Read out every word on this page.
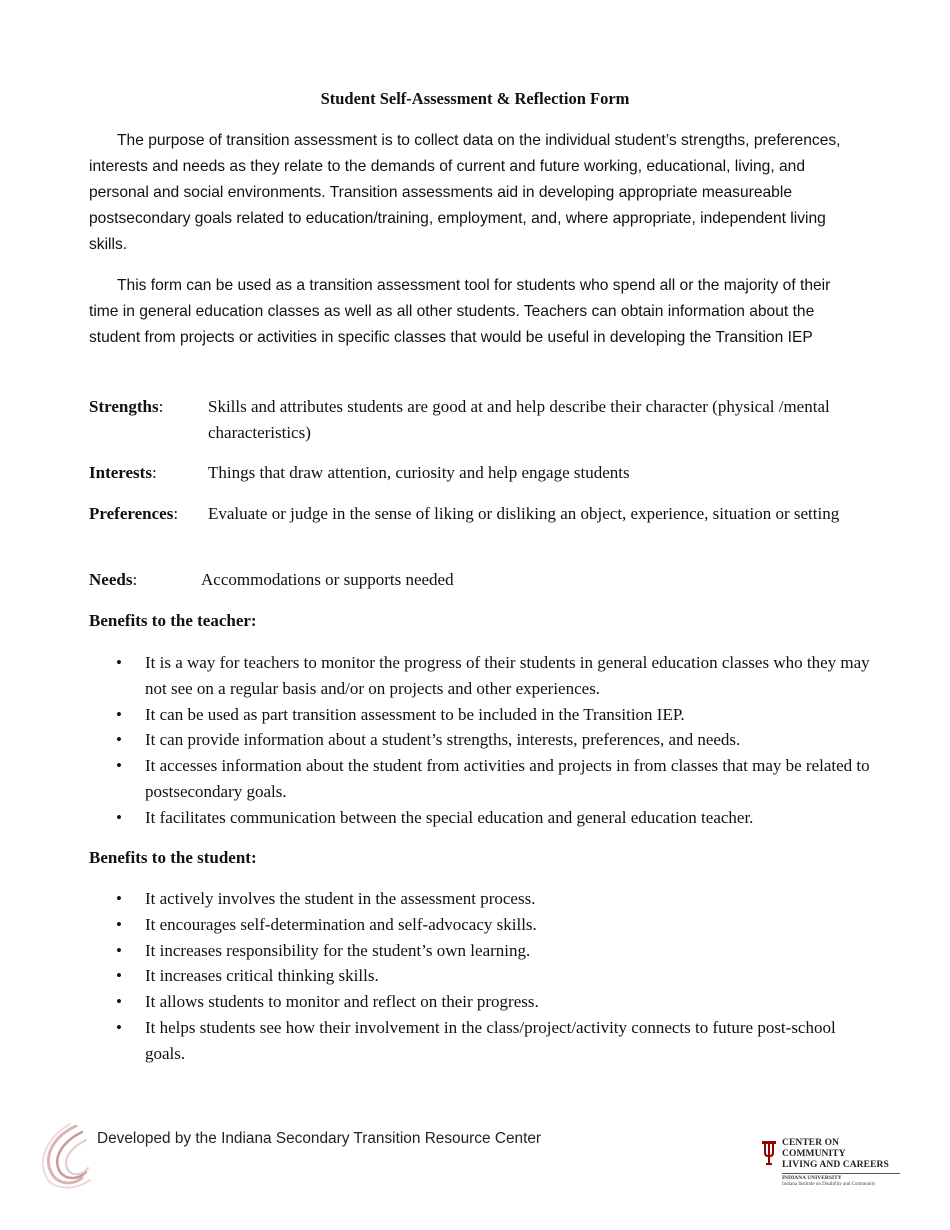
Student Self-Assessment & Reflection Form

The purpose of transition assessment is to collect data on the individual student’s strengths, preferences, interests and needs as they relate to the demands of current and future working, educational, living, and personal and social environments. Transition assessments aid in developing appropriate measureable postsecondary goals related to education/training, employment, and, where appropriate, independent living skills.

This form can be used as a transition assessment tool for students who spend all or the majority of their time in general education classes as well as all other students. Teachers can obtain information about the student from projects or activities in specific classes that would be useful in developing the Transition IEP

Strengths:	Skills and attributes students are good at and help describe their character (physical /mental characteristics)
Interests:	Things that draw attention, curiosity and help engage students
Preferences: Evaluate or judge in the sense of liking or disliking an object, experience, situation or setting
Needs:	Accommodations or supports needed
Benefits to the teacher:
• It is a way for teachers to monitor the progress of their students in general education classes who they may not see on a regular basis and/or on projects and other experiences.
• It can be used as part transition assessment to be included in the Transition IEP.
• It can provide information about a student’s strengths, interests, preferences, and needs.
• It accesses information about the student from activities and projects in from classes that may be related to postsecondary goals.
• It facilitates communication between the special education and general education teacher.
Benefits to the student:
• It actively involves the student in the assessment process.
• It encourages self-determination and self-advocacy skills.
• It increases responsibility for the student’s own learning.
• It increases critical thinking skills.
• It allows students to monitor and reflect on their progress.
• It helps students see how their involvement in the class/project/activity connects to future post-school goals.
Developed by the Indiana Secondary Transition Resource Center	CENTER ON COMMUNITY
LIVING AND CAREERS
INDIANA UNIVERSITY
Indiana Institute on Disability and Community
